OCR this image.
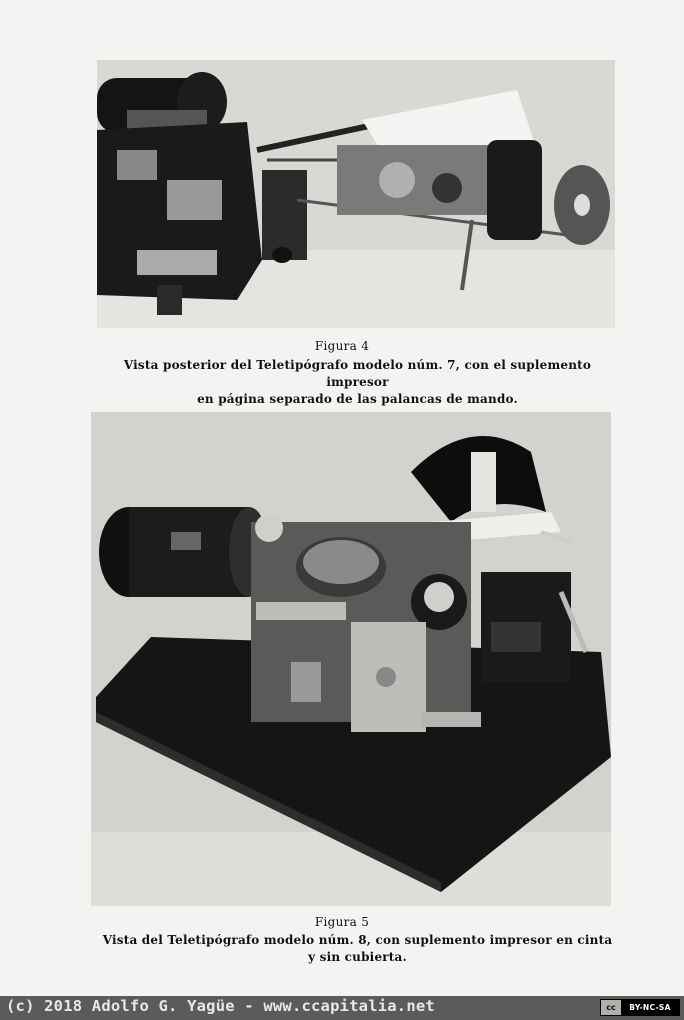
Figura 4
Vista posterior del Teletipógrafo modelo núm. 7, con el suplemento impresor
en página separado de las palancas de mando.
Figura 5
Vista del Teletipógrafo modelo núm. 8, con suplemento impresor en cinta
y sin cubierta.
(c) 2018 Adolfo G. Yagüe - www.ccapitalia.net	cc	BY-NC-SA
